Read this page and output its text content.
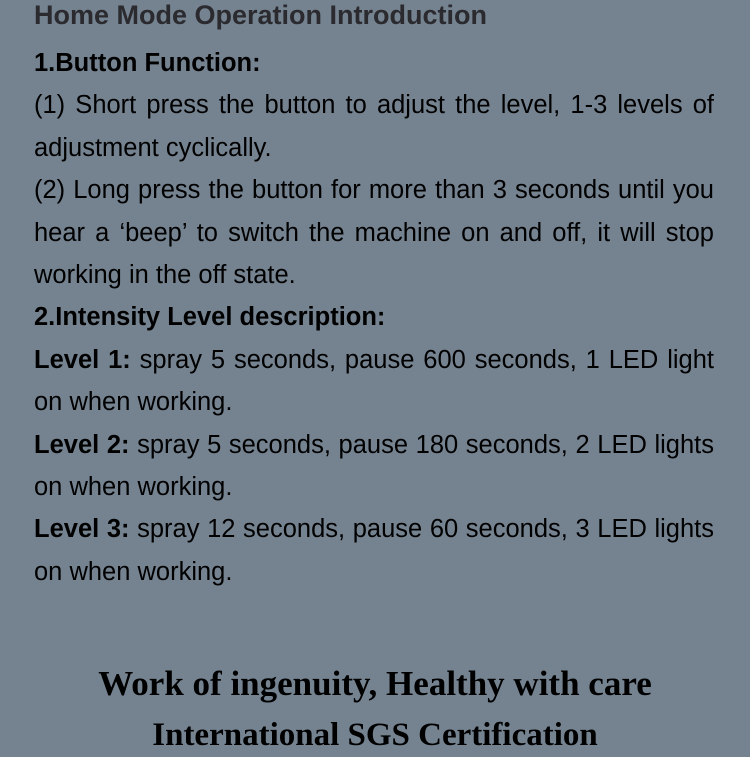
Home Mode Operation Introduction

1.Button Function:

(1) Short press the button to adjust the level, 1-3 levels of adjustment cyclically.

(2) Long press the button for more than 3 seconds until you hear a ‘beep’ to switch the machine on and off, it will stop working in the off state.

2.Intensity Level description:

Level 1: spray 5 seconds, pause 600 seconds, 1 LED light on when working.

Level 2: spray 5 seconds, pause 180 seconds, 2 LED lights on when working.

Level 3: spray 12 seconds, pause 60 seconds, 3 LED lights on when working.

Work of ingenuity, Healthy with care
International SGS Certification
